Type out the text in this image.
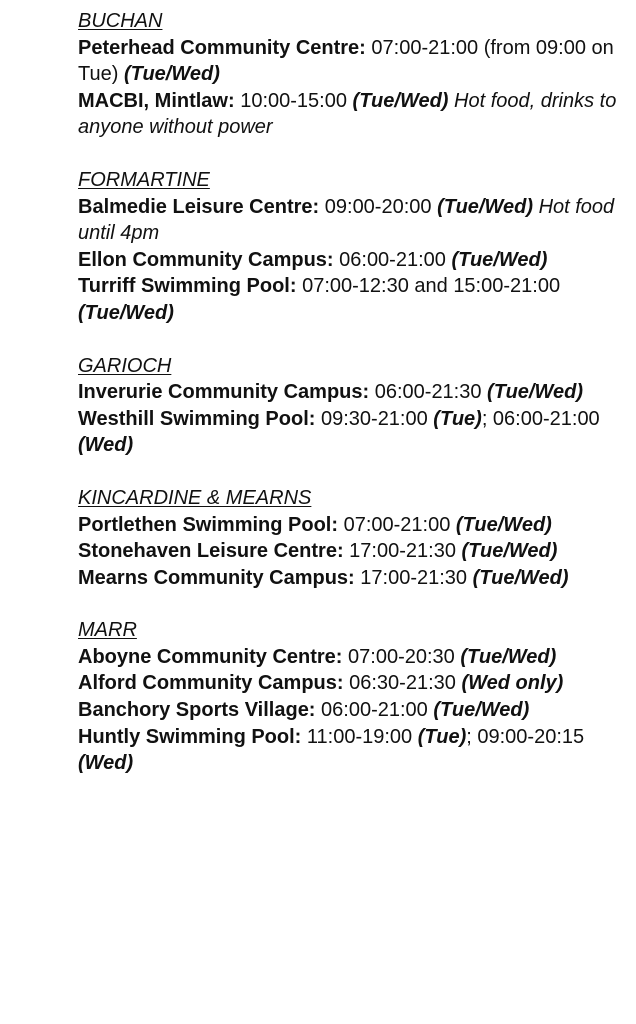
BUCHAN

Peterhead Community Centre: 07:00-21:00 (from 09:00 on Tue) (Tue/Wed)

MACBI, Mintlaw: 10:00-15:00 (Tue/Wed) Hot food, drinks to anyone without power

FORMARTINE

Balmedie Leisure Centre: 09:00-20:00 (Tue/Wed) Hot food until 4pm

Ellon Community Campus: 06:00-21:00 (Tue/Wed)

Turriff Swimming Pool: 07:00-12:30 and 15:00-21:00 (Tue/Wed)

GARIOCH

Inverurie Community Campus: 06:00-21:30 (Tue/Wed)

Westhill Swimming Pool: 09:30-21:00 (Tue); 06:00-21:00 (Wed)

KINCARDINE & MEARNS

Portlethen Swimming Pool: 07:00-21:00 (Tue/Wed)

Stonehaven Leisure Centre: 17:00-21:30 (Tue/Wed)

Mearns Community Campus: 17:00-21:30 (Tue/Wed)

MARR

Aboyne Community Centre: 07:00-20:30 (Tue/Wed)

Alford Community Campus: 06:30-21:30 (Wed only)

Banchory Sports Village: 06:00-21:00 (Tue/Wed)

Huntly Swimming Pool: 11:00-19:00 (Tue); 09:00-20:15 (Wed)
